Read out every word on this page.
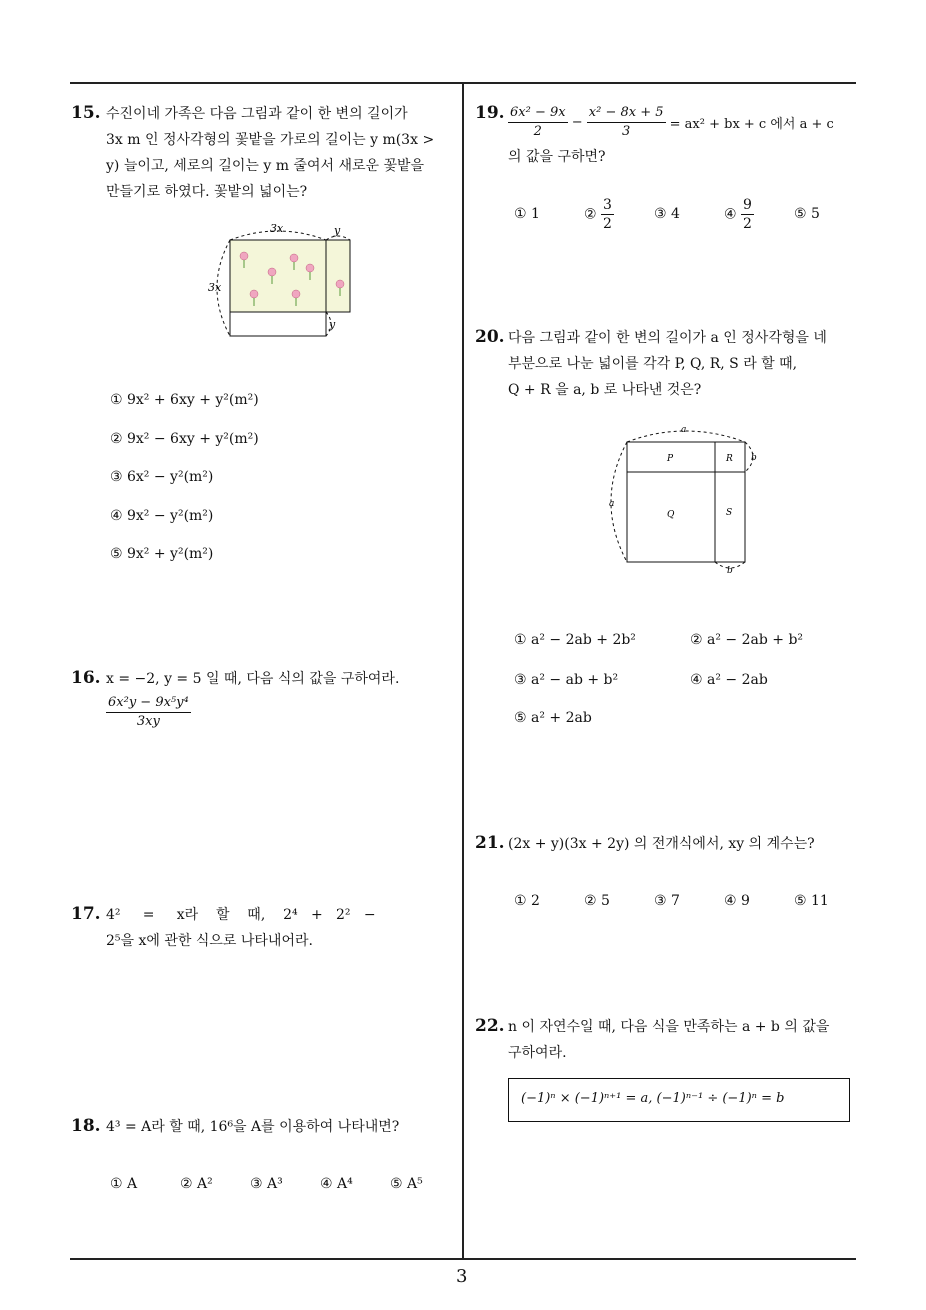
15. 수진이네 가족은 다음 그림과 같이 한 변의 길이가
3x m 인 정사각형의 꽃밭을 가로의 길이는 y m(3x >
y) 늘이고, 세로의 길이는 y m 줄여서 새로운 꽃밭을
만들기로 하였다. 꽃밭의 넓이는?
3x	y
3x
y
① 9x² + 6xy + y²(m²)
② 9x² − 6xy + y²(m²)
③ 6x² − y²(m²)
④ 9x² − y²(m²)
⑤ 9x² + y²(m²)
16. x = −2, y = 5 일 때, 다음 식의 값을 구하여라.
$\frac{\text{6x²y − 9x⁵y⁴}}{3xy}$
17. 4²     =     x라    할    때,    2⁴   +   2²   −
2⁵을 x에 관한 식으로 나타내어라.
18. 4³ = A라 할 때, 16⁶을 A를 이용하여 나타내면?
① A	② A²	③ A³	④ A⁴	⑤ A⁵
19. $\frac{\text{6x² − 9x}}{2} - \frac{\text{x² − 8x + 5}}{3} = ax^2$ + bx + c 에서 a + c
의 값을 구하면?
① 1	② $\frac{3}{2}$	③ 4	④ $\frac{9}{2}$	⑤ 5
20. 다음 그림과 같이 한 변의 길이가 a 인 정사각형을 네
부분으로 나눈 넓이를 각각 P, Q, R, S 라 할 때,
Q + R 을 a, b 로 나타낸 것은?
a
a
b
b
P	R
Q	S
① a² − 2ab + 2b²	② a² − 2ab + b²
③ a² − ab + b²	④ a² − 2ab
⑤ a² + 2ab
21. (2x + y)(3x + 2y) 의 전개식에서, xy 의 계수는?
① 2	② 5	③ 7	④ 9	⑤ 11
22. n 이 자연수일 때, 다음 식을 만족하는 a + b 의 값을
구하여라.
(−1)ⁿ × (−1)ⁿ⁺¹ = a, (−1)ⁿ⁻¹ ÷ (−1)ⁿ = b
3
